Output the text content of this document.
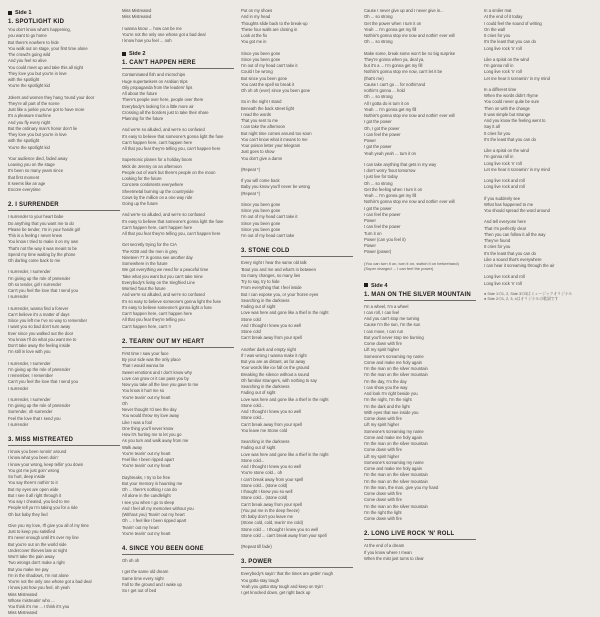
Side 1
1. SPOTLIGHT KID
You don't know what's happening,
you want to go home
But there's nowhere to hide
You walk out on stage, your first time alone
The crowd's going wild
And you feel so alive
You could meet up and take this all night
They love you but you're in love
with the spotlight
You're the spotlight kid
Jokers and women they hang 'round your door
They're all part of the scene
Just like a junkie you've got to have more
It's a pleasure machine
And you fly every night
But the ordinary man's honor don't lie
They love you but you're in love
with the spotlight
You're the spotlight kid
Your audience died, faded away
Leaving you on the stage
It's been so many years since
that first moment
It seems like an age
Encore everytime
2. I SURRENDER
I surrender to your heart babe
Do anything that you want me to do
Please be tender, I'm in your hands girl
This is a feeling I never knew
You know I tried to make it on my own
That's not the way it was meant to be
Spend my time waiting by the phone
Oh darling come back to me
I surrender, I surrender
I'm giving up the role of pretender
Oh so tender, girl I surrender
Can't you feel the love that I send you
I surrender
I surrender, wanna find a forever
Can't believe it's a matter of days
Since you left me I've no way to remember
I want you so bad don't turn away
Ever since you walked out the door
You know I'll do what you want me to
Don't take away the feeling inside
I'm still in love with you
I surrender, I surrender
I'm giving up the role of pretender
I remember, I remember
Can't you feel the love that I send you
I surrender
I surrender, I surrender
I'm giving up the role of pretender
Surrender, oh surrender
Feel the love that I send you
I surrender
3. MISS MISTREATED
I know you been runnin' around
I know what you been doin'
I know your wrong, keep tellin' you down
You got me just goin' wrong
So hurt, deep inside
You say there's nothin' to it
But my eyes are open wide
But I see it all right through it
You say I cheated, you lied to me
People tell ya I'm taking you for a ride
Oh but baby they lied
Give you my love, I'll give you all of my time
Just to keep you satisfied
It's never enough until it's over my line
But you're out on the world side
Undercover thieves late at night
Won't take the pain away
Two wrongs don't make a right
But you make me pay
I'm in the shadows, I'm not alone
You're not the only one whose got a bad deal
I know just how you feel, oh yeah
Miss Mistreated
Whose mistreatin' who ...
You think it's me ... I think it's you
Miss Mistreated
Miss Mistreated
Miss Mistreated
I wanna know ... how can be me
You're not the only one whose got a bad deal
I know how you feel ... ooh
Side 2
1. CAN'T HAPPEN HERE
Contaminated fish and microchips
Huge supertankers on Arabian trips
Oily propaganda from the leaders' lips
All about the future
There's people over here, people over there
Everybody's looking for a little more air
Crossing all the borders just to take their share
Planning for the future
And we're so alluded, and we're so confused
It's easy to believe that someone's gonna light the fuse
Can't happen here, can't happen here
All that you fear they're telling you, can't happen here
Supersonic planes for a holiday boom
Mick de Jeremy on an afternoon
People out of work but there's people on the moon
Looking for the future
Concrete contintents everywhere
Sheetmetal burning up the countryside
Cows by the million on a one way ride
Going up the future
And we're so alluded, and we're so confused
It's easy to believe that someone's gonna light the fuse
Can't happen here, can't happen here
All that you fear they're telling you, can't happen here
Get secretly trying for the CIA
The KGB and the men in grey
Nineteen 77 is gonna see another day
Somewhere in the future
We got everything we need for a peaceful time
Take what you want but you can't take mine
Everybody's living on the Siegfried Line
Worried 'bout the future
And we're so alluded, and we're so confused
It's so easy to believe someone's gonna light the fuse
It's easy to believe someone's gonna light a fuse
Can't happen here, can't happen here
All that you fear they're telling you
Can't happen here, can't !!
2. TEARIN' OUT MY HEART
First time I saw your face
By your side was the only place
That I would wanna be
Sweet emotions and I don't know why
Love can grow or it can pass you by
Now you take all the love you gave to me
You know it hurt me so
You're tearin' out my heart
Oh
Never thought I'd see the day
You would throw my love away
Like I was a fool
One thing you'll never know
How it's hurting me to let you go
As you turn and walk away from me
Walk away
You're tearin' out my heart
Feel like I been ripped apart
You're tearin' out my heart
Daybreaks, I try to be free
But your memory is haunting me
Oh ... there's nothing I can do
All alone in the candlelight
I see you when I go to sleep
And I feel all my memories without you
(Without you) Tearin' out my heart
Oh ... I feel like I been ripped apart
Tearin' out my heart
You're tearin' out my heart
4. SINCE YOU BEEN GONE
Oh oh oh
I get the same old dream
Same time every night
Fall to the ground and I wake up
So I get out of bed
Put on my shoes
And in my head
Thoughts slide back to the break-up
These four walls are closing in
Look at the fix
You got me in
Since you been gone
Since you been gone
I'm out of my head can't take it
Could I be wrong
But since you been gone
You cast the spell so break it
Oh oh oh (ever) since you been gone
So in the night I stand
Beneath the back street light
I read the words
That you sent to me
I can take the afternoon
But night time comes around too soon
You can't know what it means to me
Your poison letter your telegram
Just goes to show
You don't give a damn
(Repeat *)
If you will come back
Baby you know you'll never be wrong
(Repeat *)
Since you been gone
Since you been gone
I'm out of my head can't take it
Since you been gone
Since you been gone
I'm out of my head can't take
3. STONE COLD
Every night I hear the same old talk
'Bout you and me and what's in between
So many changes, so many lies
Try to say, try to hide
From everything that I feel inside
But I can expose you, or your frozen eyes
Searching in the darkness
Fading out of sight
Love was here and gone like a thief in the night
Stone cold
And I thought I knew you so well
Stone cold
Can't break away from your spell
Another dark and empty night
If I was wrong I wanna make it right
But you are as distant, as far away
Your words like ice fall on the ground
Breaking the silence without a sound
Oh familiar strangers, with nothing to say
Searching in the darkness
Fading out of sight
Love was here and gone like a thief in the night
Stone cold...
And I thought I knew you so well
Stone cold...
Can't break away from your spell
You leave me Stone cold
Searching in the darkness
Fading out of sight
Love was here and gone like a thief in the night
Stone cold...
And I thought I knew you so well
You're stone cold... oh
I can't break away from your spell
Stone cold... (stone cold)
I thought I knew you so well
Stone cold... (stone cold)
Can't break away from your spell
(You put me in the deep freeze)
Oh baby don't you leave me
(Stone cold, cold, tearin' me cold)
Stone cold ... I thought I knew you so well
Stone cold ... can't break away from your spell
(Repeat till fade)
3. POWER
Everybody's sayin' that the times are gettin' rough
You gotta stay tough
Yeah you gotta stay tough and keep on tryin'
I get knocked down, get right back up
Cause I never give up and I never give in...
Oh ... so strong
Get the power when I turn it on
Yeah ... I'm gonna get my fill
Nothin's gonna stop me now and nothin' ever will
Oh ... so strong
Make some, break some won't be no big surprise
They're gonna when ya, deal ya,
but it's a ... I'm gonna get my fill
Nothin's gonna stop me now, can't let it be
(that's me)
Cause I can't go ... for nothin'and
nothin's gonna ... hold
Oh ... so strong
All I gotta do is turn it on
Yeah ... I'm gonna get my fill
Nothin's gonna stop me now and nothin' ever will
I got the power
Oh, I got the power
I can feel the power
Power
I got the power
Yeah yeah yeah ... turn it on
I can take anything that gets in my way
I don't worry 'bout tomorrow
I just live for today
Oh ... so strong
Get the feeling when I turn it on
Yeah ... I'm gonna get my fill
Nothin's gonna stop me now and nothin' ever will
I got the power
I can feel the power
Power
I can feel the power
Turn it on
Power (can you feel it)
Power
Power (power)
(You can turn it on, turn it on, switch it on beforehand)
(Super charged ... I can feel the power)
Side 4
1. MAN ON THE SILVER MOUNTAIN
I'm a wheel, I'm a wheel
I can roll, I can feel
And you can't stop me turning
Cause I'm the sun, I'm the sun
I can move, I can run
But you'll never stop me burning
Come down with fire
Lift my spirit higher
Someone's screaming my name
Come and make me holy again
I'm the man on the silver mountain
I'm the man on the silver mountain
I'm the day, I'm the day
I can show you the way
And look I'm right beside you
I'm the night, I'm the night
I'm the dark and the light
With eyes that see inside you
Come down with fire
Lift my spirit higher
Someone's screaming my name
Come and make me holy again
I'm the man on the silver mountain
Come down with fire
Lift my spirit higher
Someone's screaming my name
Come and make me holy again
I'm the man on the silver mountain
I'm the man on the silver mountain
I'm the man, the man, give you my hand
Come down with fire
Come down with fire
I'm the man on the silver mountain
I'm the right the light
Come down with fire
2. LONG LIVE ROCK 'N' ROLL
At the end of a dream
If you know where I mean
When the mist just turns to clear
In a smiler mat
At the end of it today
I could feel the sound of writing
On the wall
It cries for you
It's the least that you can do
Long live rock 'n' roll
Like a spiral on the wind
I'm gonna roll in
Long live rock 'n' roll
Let me hear it screamin' in my mind
In a different time
When the words didn't rhyme
You could never quite be sure
Then on with the change
It was simple but strange
And you know the feeling went to
Say it all
It cries for you
It's the least that you can do
Like a spiral on the wind
I'm gonna roll in
Long live rock 'n' roll
Let me hear it screamin' in my mind
Long live rock and roll
Long live rock and roll
If you suddenly see
What has happened to me
You should spread the word around
And tell everyone here
That I'm perfectly clear
Then you can follow it all the way
They've found
It cries for you
It's the least that you can do
Like a sound that's everywhere
I can hear it screaming through the air
Long live rock and roll
Long live rock 'n' roll
● Side 1の1, 2, Side 3の3はミュージックオリジナル
● Side 2の1, 2, 3, 4はオリジナルの歌詞です
